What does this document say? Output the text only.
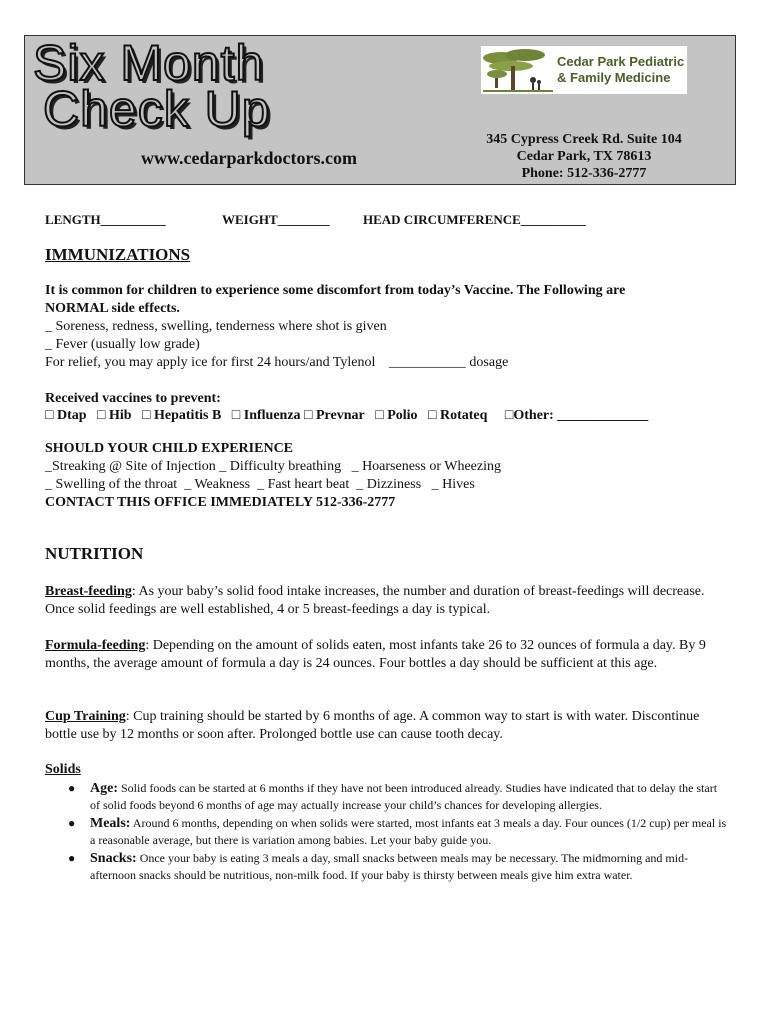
Six Month
Check Up
www.cedarparkdoctors.com
Cedar Park Pediatric
& Family Medicine
345 Cypress Creek Rd. Suite 104
Cedar Park, TX 78613
Phone: 512-336-2777
LENGTH__________	WEIGHT________	HEAD CIRCUMFERENCE__________
IMMUNIZATIONS
It is common for children to experience some discomfort from today’s Vaccine. The Following are
NORMAL side effects.
_ Soreness, redness, swelling, tenderness where shot is given
_ Fever (usually low grade)
For relief, you may apply ice for first 24 hours/and Tylenol ___________ dosage
Received vaccines to prevent:
□ Dtap □ Hib □ Hepatitis B □ Influenza □ Prevnar □ Polio □ Rotateq □Other: _____________
SHOULD YOUR CHILD EXPERIENCE
_Streaking @ Site of Injection _ Difficulty breathing   _ Hoarseness or Wheezing
_ Swelling of the throat  _ Weakness  _ Fast heart beat  _ Dizziness   _ Hives
CONTACT THIS OFFICE IMMEDIATELY 512-336-2777
NUTRITION
Breast-feeding: As your baby’s solid food intake increases, the number and duration of breast-feedings will decrease. Once solid feedings are well established, 4 or 5 breast-feedings a day is typical.
Formula-feeding: Depending on the amount of solids eaten, most infants take 26 to 32 ounces of formula a day. By 9 months, the average amount of formula a day is 24 ounces. Four bottles a day should be sufficient at this age.
Cup Training: Cup training should be started by 6 months of age. A common way to start is with water. Discontinue bottle use by 12 months or soon after. Prolonged bottle use can cause tooth decay.
Solids
● Age: Solid foods can be started at 6 months if they have not been introduced already. Studies have indicated that to delay the start of solid foods beyond 6 months of age may actually increase your child’s chances for developing allergies.
● Meals: Around 6 months, depending on when solids were started, most infants eat 3 meals a day. Four ounces (1/2 cup) per meal is a reasonable average, but there is variation among babies. Let your baby guide you.
● Snacks: Once your baby is eating 3 meals a day, small snacks between meals may be necessary. The midmorning and mid-afternoon snacks should be nutritious, non-milk food. If your baby is thirsty between meals give him extra water.
